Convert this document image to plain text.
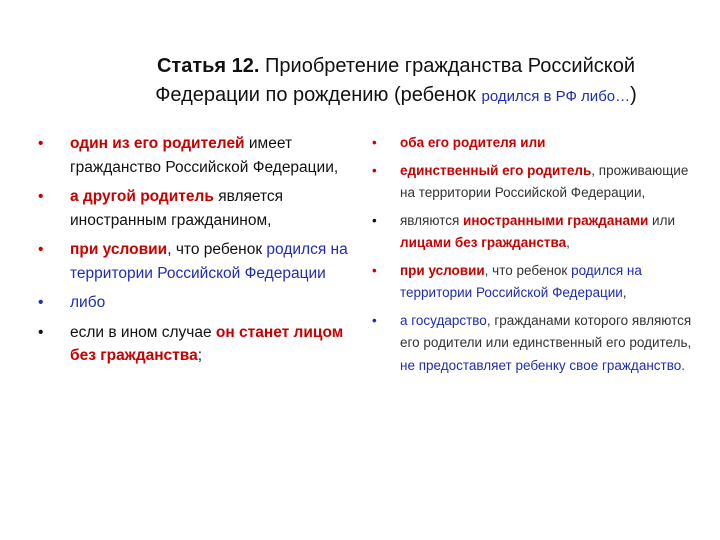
Статья 12. Приобретение гражданства Российской
Федерации по рождению (ребенок родился в РФ либо…)
• один из его родителей имеет гражданство Российской Федерации,
• а другой родитель является иностранным гражданином,
• при условии, что ребенок родился на территории Российской Федерации
• либо
• если в ином случае он станет лицом без гражданства;
• оба его родителя или
• единственный его родитель, проживающие на территории Российской Федерации,
• являются иностранными гражданами или лицами без гражданства,
• при условии, что ребенок родился на территории Российской Федерации,
• а государство, гражданами которого являются его родители или единственный его родитель, не предоставляет ребенку свое гражданство.
